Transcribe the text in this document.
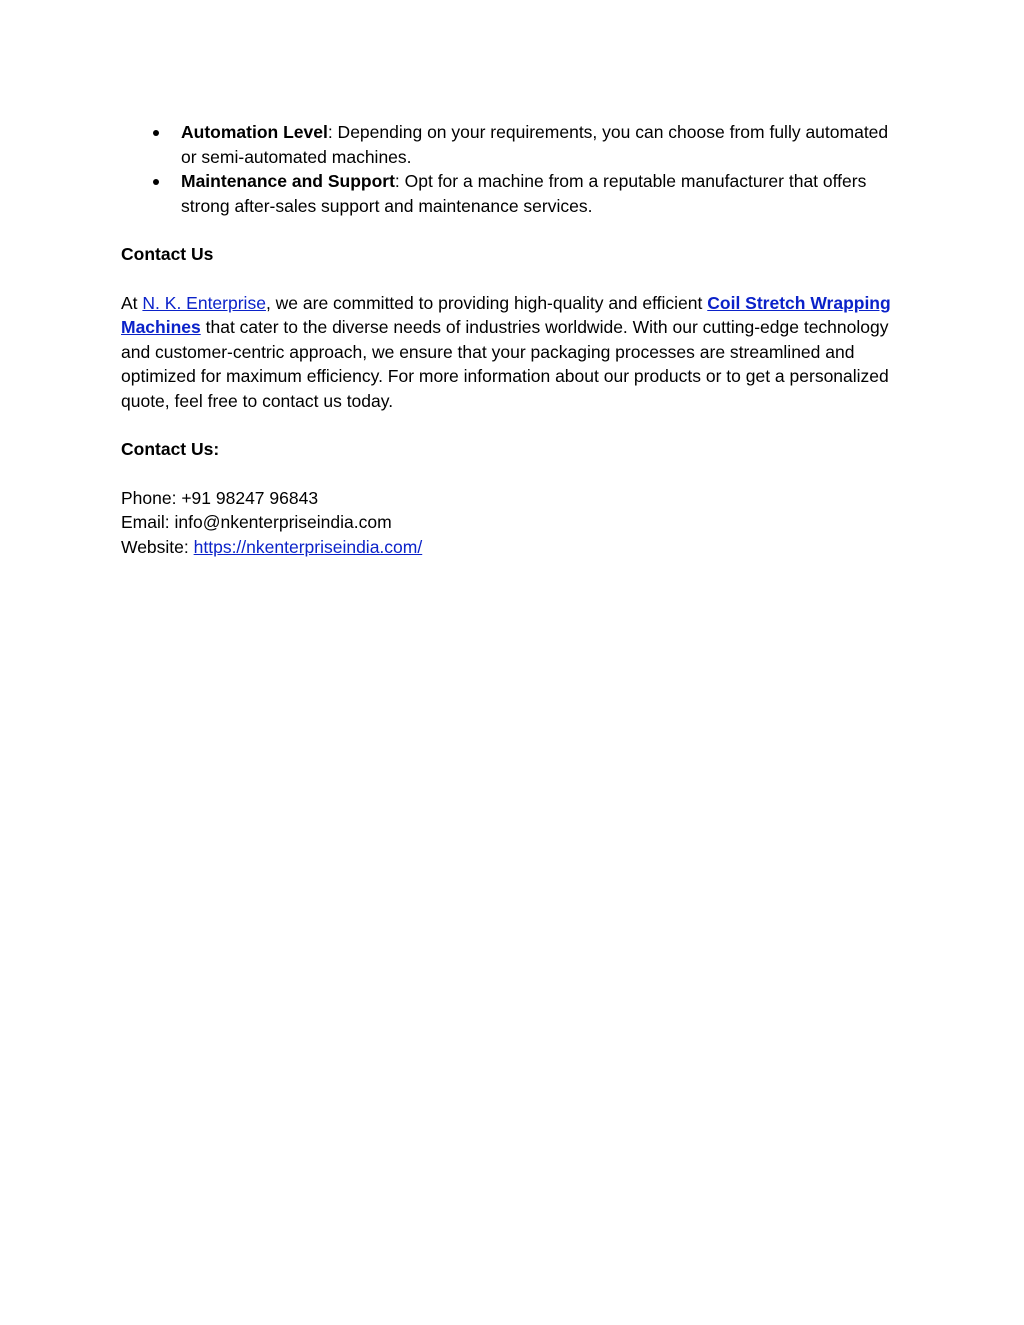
Automation Level: Depending on your requirements, you can choose from fully automated or semi-automated machines.
Maintenance and Support: Opt for a machine from a reputable manufacturer that offers strong after-sales support and maintenance services.

Contact Us

At N. K. Enterprise, we are committed to providing high-quality and efficient Coil Stretch Wrapping Machines that cater to the diverse needs of industries worldwide. With our cutting-edge technology and customer-centric approach, we ensure that your packaging processes are streamlined and optimized for maximum efficiency. For more information about our products or to get a personalized quote, feel free to contact us today.

Contact Us:

Phone: +91 98247 96843

Email: info@nkenterpriseindia.com

Website: https://nkenterpriseindia.com/
